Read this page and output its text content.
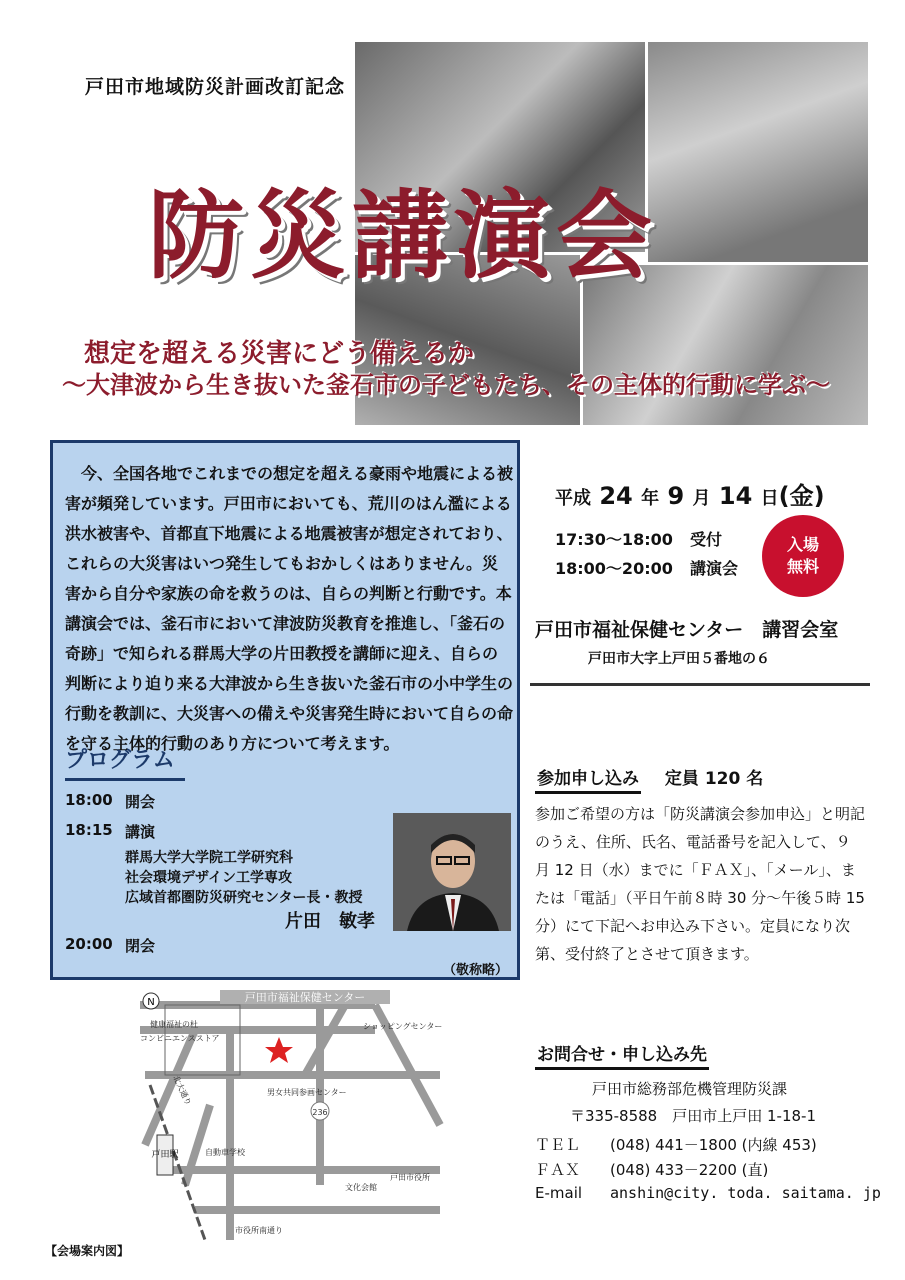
戸田市地域防災計画改訂記念
防災講演会
想定を超える災害にどう備えるか
～大津波から生き抜いた釜石市の子どもたち、その主体的行動に学ぶ～
今、全国各地でこれまでの想定を超える豪雨や地震による被害が頻発しています。戸田市においても、荒川のはん濫による洪水被害や、首都直下地震による地震被害が想定されており、これらの大災害はいつ発生してもおかしくはありません。災害から自分や家族の命を救うのは、自らの判断と行動です。本講演会では、釜石市において津波防災教育を推進し、「釜石の奇跡」で知られる群馬大学の片田教授を講師に迎え、自らの判断により迫り来る大津波から生き抜いた釜石市の小中学生の行動を教訓に、大災害への備えや災害発生時において自らの命を守る主体的行動のあり方について考えます。
プログラム
18:00 開会
18:15 講演
群馬大学大学院工学研究科
社会環境デザイン工学専攻
広域首都圏防災研究センター長・教授
片田　敏孝
20:00 閉会
（敬称略）
平成 24 年 9 月 14 日(金)
17:30～18:00 受付
18:00～20:00 講演会
入場
無料
戸田市福祉保健センター　講習会室
戸田市大字上戸田５番地の６
参加申し込み 定員 120 名
参加ご希望の方は「防災講演会参加申込」と明記のうえ、住所、氏名、電話番号を記入して、９月 12 日（水）までに「ＦＡＸ」、「メール」、または「電話」（平日午前８時 30 分～午後５時 15 分）にて下記へお申込み下さい。定員になり次第、受付終了とさせて頂きます。
お問合せ・申し込み先
戸田市総務部危機管理防災課
〒335-8588　戸田市上戸田 1-18-1
ＴＥＬ (048) 441－1800 (内線 453)
ＦＡＸ (048) 433－2200 (直)
E-mail anshin@city. toda. saitama. jp
236
N	戸田市福祉保健センター
健康福祉の杜
コンビニエンスストア
ショッピングセンター
北大通り	男女共同参画センター
自動車学校
文化会館
戸田市役所
市役所南通り
戸田駅
【会場案内図】
